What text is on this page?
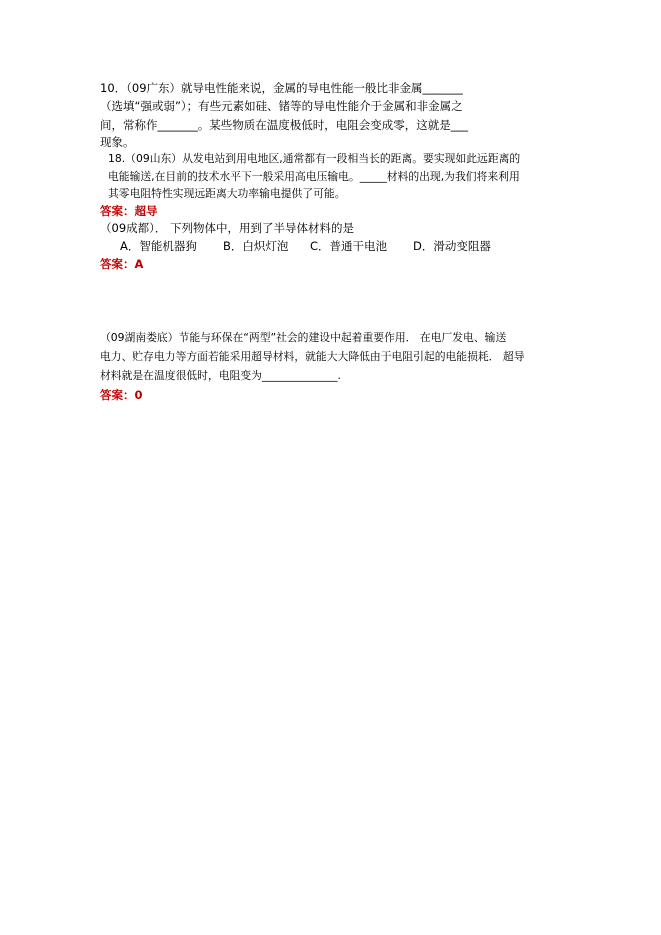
10．（09广东）就导电性能来说，金属的导电性能一般比非金属_______
（选填“强或弱”）；有些元素如硅、锗等的导电性能介于金属和非金属之
间，常称作_______。某些物质在温度极低时，电阻会变成零，这就是___
现象。
18.（09山东）从发电站到用电地区,通常都有一段相当长的距离。要实现如此远距离的
电能输送,在目前的技术水平下一般采用高电压输电。_____材料的出现,为我们将来利用
其零电阻特性实现远距离大功率输电提供了可能。
答案：超导
（09成都）． 下列物体中，用到了半导体材料的是
A．智能机器狗 B．白炽灯泡 C．普通干电池 D．滑动变阻器
答案：A
（09湖南娄底）节能与环保在“两型”社会的建设中起着重要作用． 在电厂发电、输送
电力、贮存电力等方面若能采用超导材料，就能大大降低由于电阻引起的电能损耗． 超导
材料就是在温度很低时，电阻变为______________.
答案：0
